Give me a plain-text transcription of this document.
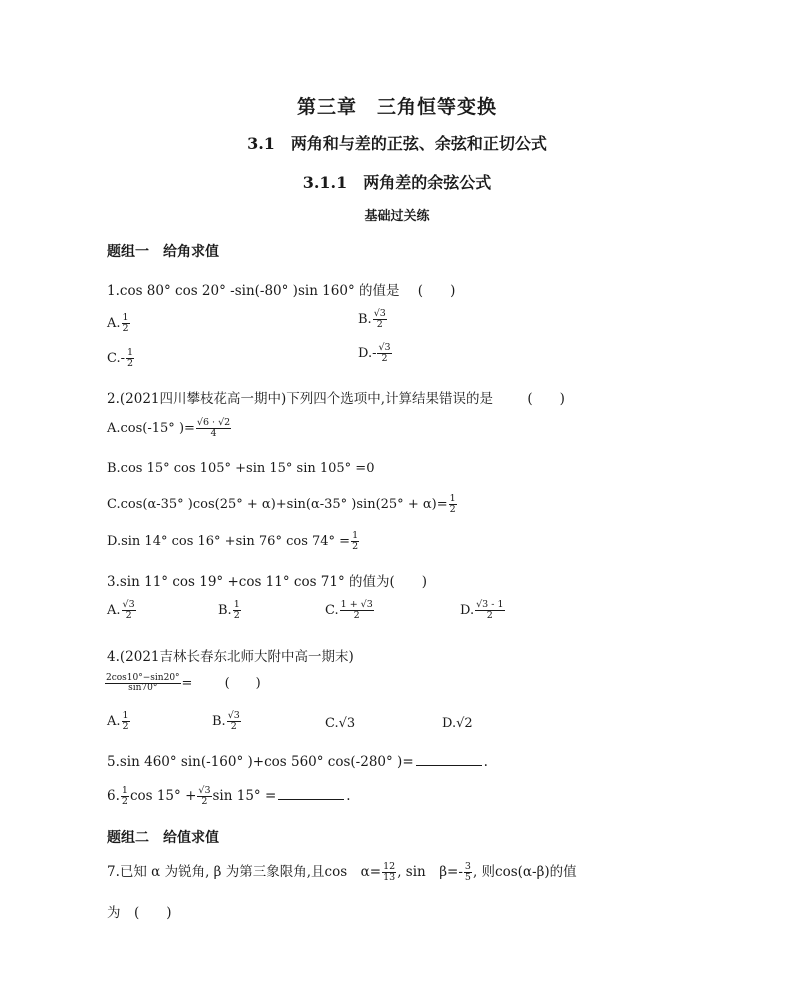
第三章　三角恒等变换
3.1　两角和与差的正弦、余弦和正切公式
3.1.1　两角差的余弦公式
基础过关练
题组一　给角求值
1.cos 80° cos 20° -sin(-80° )sin 160° 的值是 (　　)
A. $\frac{1}{2}$	B. $\frac{√3}{2}$
$C.- \frac{1}{2}$	$D.- \frac{√3}{2}$
2.(2021四川攀枝花高一期中)下列四个选项中,计算结果错误的是	(　　)
A.cos(-15° )= $\frac{√6 \cdot √2}{4}$
B.cos 15° cos 105° +sin 15° sin 105° =0
C.cos(α-35° )cos(25° + α)+sin(α-35° )$\sin(25^\circ + \alpha)= \frac{1}{2}$
D.sin 14° cos 16° +sin 76° $\cos 74^\circ = \frac{1}{2}$
3.sin 11° cos 19° +cos 11° cos 71° 的值为(　　)
A. $\frac{√3}{2}$	B. $\frac{1}{2}$	C. $\frac{1 + √3}{2}$	D. $\frac{√3 - 1}{2}$
4.(2021吉林长春东北师大附中高一期末)
$\frac{2\cos 10^\circ-\sin 20^\circ}{\sin 70^\circ}$ = (　　)
A. $\frac{1}{2}$	B. $\frac{√3}{2}$	C.√3	D.√2
5.sin 460° sin(-160° )+cos 560° cos(-280° )=	.
6. $\frac{1}{2}$ $\cos 15^\circ + \frac{√3}{2}$ sin 15° =	.
题组二　给值求值
7.已知 α 为锐角, β 为第三象限角,且cos　$\alpha= \frac{12}{13}$ , sin　$\beta=- \frac{3}{5}$ , 则cos(α-β)的值
为　(　　)
